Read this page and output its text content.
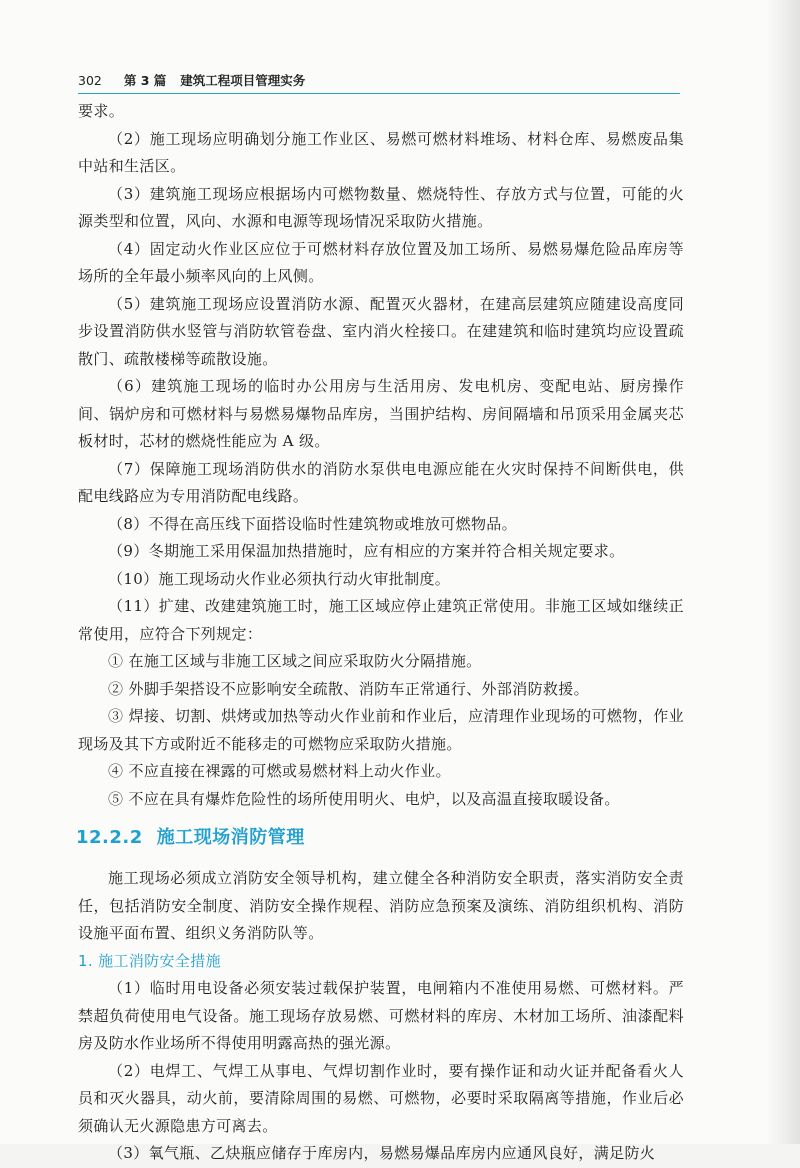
302 第 3 篇 建筑工程项目管理实务

要求。

（2）施工现场应明确划分施工作业区、易燃可燃材料堆场、材料仓库、易燃废品集中站和生活区。

（3）建筑施工现场应根据场内可燃物数量、燃烧特性、存放方式与位置，可能的火源类型和位置，风向、水源和电源等现场情况采取防火措施。

（4）固定动火作业区应位于可燃材料存放位置及加工场所、易燃易爆危险品库房等场所的全年最小频率风向的上风侧。

（5）建筑施工现场应设置消防水源、配置灭火器材，在建高层建筑应随建设高度同步设置消防供水竖管与消防软管卷盘、室内消火栓接口。在建建筑和临时建筑均应设置疏散门、疏散楼梯等疏散设施。

（6）建筑施工现场的临时办公用房与生活用房、发电机房、变配电站、厨房操作间、锅炉房和可燃材料与易燃易爆物品库房，当围护结构、房间隔墙和吊顶采用金属夹芯板材时，芯材的燃烧性能应为 A 级。

（7）保障施工现场消防供水的消防水泵供电电源应能在火灾时保持不间断供电，供配电线路应为专用消防配电线路。

（8）不得在高压线下面搭设临时性建筑物或堆放可燃物品。

（9）冬期施工采用保温加热措施时，应有相应的方案并符合相关规定要求。

（10）施工现场动火作业必须执行动火审批制度。

（11）扩建、改建建筑施工时，施工区域应停止建筑正常使用。非施工区域如继续正常使用，应符合下列规定：

① 在施工区域与非施工区域之间应采取防火分隔措施。

② 外脚手架搭设不应影响安全疏散、消防车正常通行、外部消防救援。

③ 焊接、切割、烘烤或加热等动火作业前和作业后，应清理作业现场的可燃物，作业现场及其下方或附近不能移走的可燃物应采取防火措施。

④ 不应直接在裸露的可燃或易燃材料上动火作业。

⑤ 不应在具有爆炸危险性的场所使用明火、电炉，以及高温直接取暖设备。

12.2.2 施工现场消防管理

施工现场必须成立消防安全领导机构，建立健全各种消防安全职责，落实消防安全责任，包括消防安全制度、消防安全操作规程、消防应急预案及演练、消防组织机构、消防设施平面布置、组织义务消防队等。

1. 施工消防安全措施

（1）临时用电设备必须安装过载保护装置，电闸箱内不准使用易燃、可燃材料。严禁超负荷使用电气设备。施工现场存放易燃、可燃材料的库房、木材加工场所、油漆配料房及防水作业场所不得使用明露高热的强光源。

（2）电焊工、气焊工从事电、气焊切割作业时，要有操作证和动火证并配备看火人员和灭火器具，动火前，要清除周围的易燃、可燃物，必要时采取隔离等措施，作业后必须确认无火源隐患方可离去。

（3）氧气瓶、乙炔瓶应储存于库房内，易燃易爆品库房内应通风良好，满足防火
